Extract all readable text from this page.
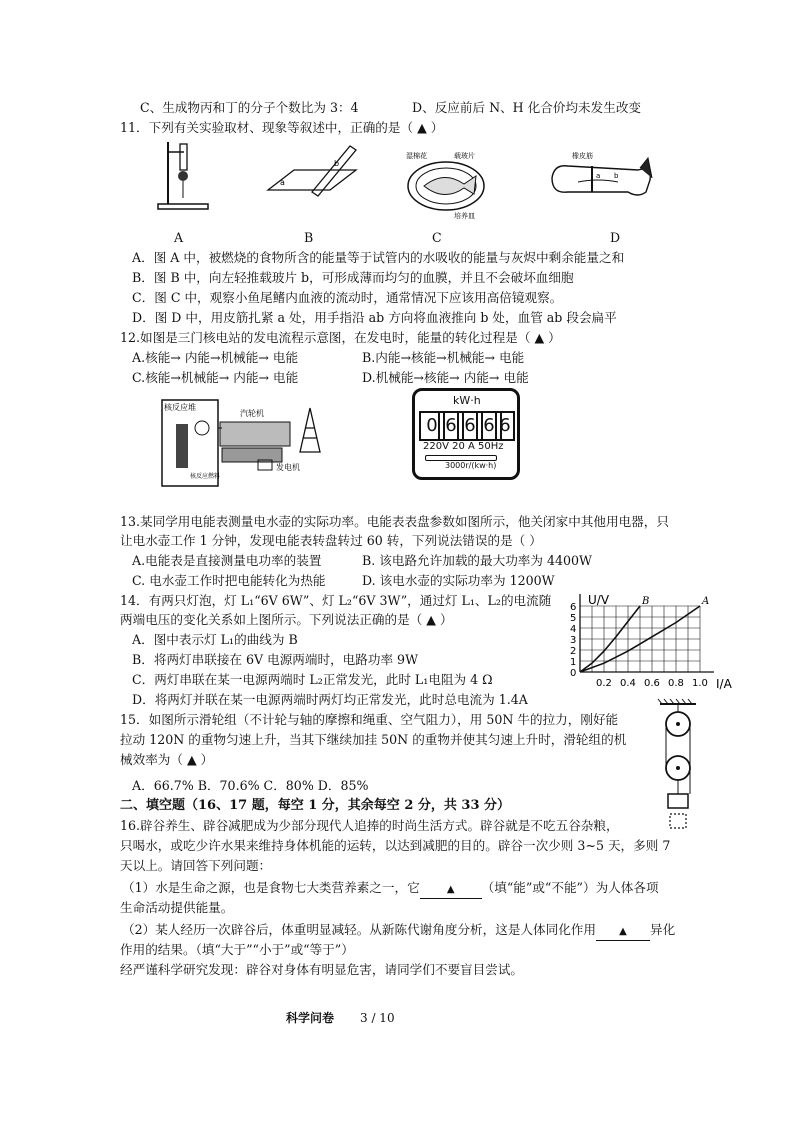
C、生成物丙和丁的分子个数比为 3：4	D、反应前后 N、H 化合价均未发生改变
11．下列有关实验取材、现象等叙述中，正确的是（ ▲ ）
A
a
b
B
湿棉花	载玻片
培养皿
C
橡皮筋
a b
D
A．图 A 中，被燃烧的食物所含的能量等于试管内的水吸收的能量与灰烬中剩余能量之和
B．图 B 中，向左轻推载玻片 b，可形成薄而均匀的血膜，并且不会破坏血细胞
C．图 C 中，观察小鱼尾鳍内血液的流动时，通常情况下应该用高倍镜观察。
D．图 D 中，用皮筋扎紧 a 处，用手指沿 ab 方向将血液推向 b 处，血管 ab 段会扁平
12.如图是三门核电站的发电流程示意图，在发电时，能量的转化过程是（ ▲ ）
A.核能→ 内能→机械能→ 电能	B.内能→核能→机械能→ 电能
C.核能→机械能→ 内能→ 电能	D.机械能→核能→ 内能→ 电能
核反应堆
汽轮机
发电机
核反应燃料
kW·h
0 6 6 6 6
220V 20 A 50Hz
3000r/(kw·h)
13.某同学用电能表测量电水壶的实际功率。电能表表盘参数如图所示，他关闭家中其他用电器，只
让电水壶工作 1 分钟，发现电能表转盘转过 60 转，下列说法错误的是（ ）
A.电能表是直接测量电功率的装置	B. 该电路允许加载的最大功率为 4400W
C. 电水壶工作时把电能转化为热能	D. 该电水壶的实际功率为 1200W
14．有两只灯泡，灯 L₁“6V 6W”、灯 L₂“6V 3W”，通过灯 L₁、L₂的电流随
两端电压的变化关系如上图所示。下列说法正确的是（ ▲ ）
A．图中表示灯 L₁的曲线为 B
B．将两灯串联接在 6V 电源两端时，电路功率 9W
C．两灯串联在某一电源两端时 L₂正常发光，此时 L₁电阻为 4 Ω
D．将两灯并联在某一电源两端时两灯均正常发光，此时总电流为 1.4A
U/V
I/A
0
1
2
3
4
5
6
0.2 0.4 0.6 0.8 1.0
B	A
15．如图所示滑轮组（不计轮与轴的摩擦和绳重、空气阻力），用 50N 牛的拉力，刚好能
拉动 120N 的重物匀速上升，当其下继续加挂 50N 的重物并使其匀速上升时，滑轮组的机
械效率为（ ▲ ）
A．66.7% B．70.6% C．80% D．85%
二、填空题（16、17 题，每空 1 分，其余每空 2 分，共 33 分）
16.辟谷养生、辟谷减肥成为少部分现代人追捧的时尚生活方式。辟谷就是不吃五谷杂粮，
只喝水，或吃少许水果来维持身体机能的运转，以达到减肥的目的。辟谷一次少则 3~5 天，多则 7
天以上。请回答下列问题：
（1）水是生命之源，也是食物七大类营养素之一，它	▲ （填“能”或“不能”）为人体各项
生命活动提供能量。
（2）某人经历一次辟谷后，体重明显减轻。从新陈代谢角度分析，这是人体同化作用 ▲ 异化
作用的结果。（填“大于”“小于”或“等于”）
经严谨科学研究发现：辟谷对身体有明显危害，请同学们不要盲目尝试。
科学问卷 3 / 10
